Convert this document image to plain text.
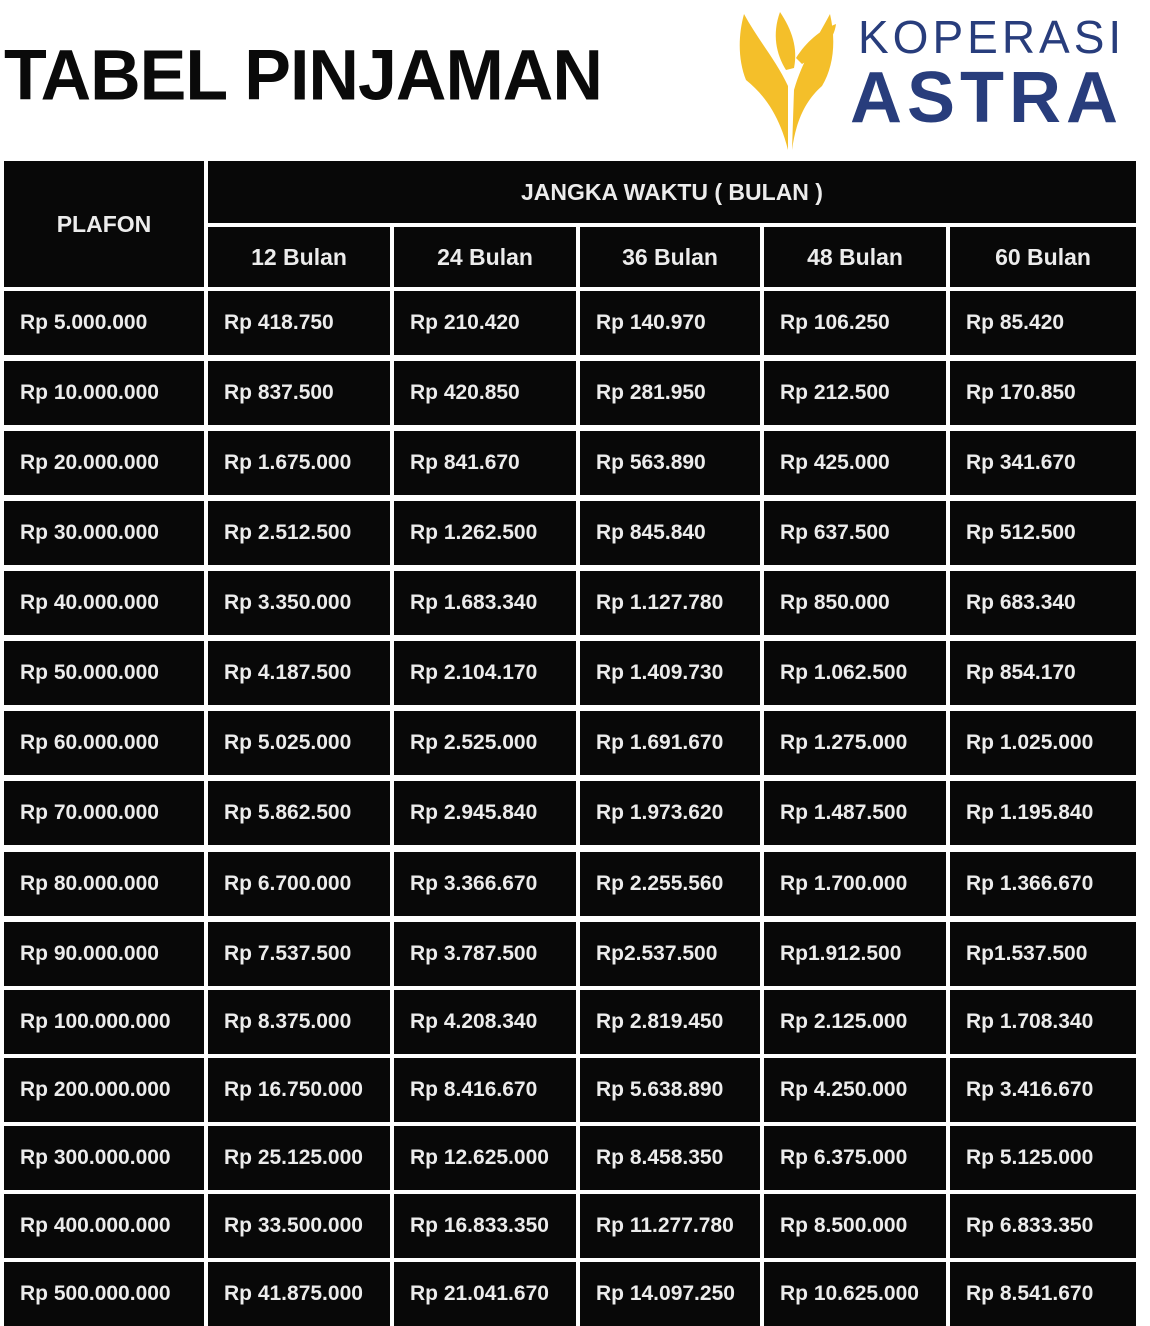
TABEL PINJAMAN	KOPERASI
ASTRA
PLAFON
JANGKA WAKTU ( BULAN )
12 Bulan	24 Bulan	36 Bulan	48 Bulan	60 Bulan
Rp 5.000.000	Rp 418.750	Rp 210.420	Rp 140.970	Rp 106.250	Rp 85.420
Rp 10.000.000	Rp 837.500	Rp 420.850	Rp 281.950	Rp 212.500	Rp 170.850
Rp 20.000.000	Rp 1.675.000	Rp 841.670	Rp 563.890	Rp 425.000	Rp 341.670
Rp 30.000.000	Rp 2.512.500	Rp 1.262.500	Rp 845.840	Rp 637.500	Rp 512.500
Rp 40.000.000	Rp 3.350.000	Rp 1.683.340	Rp 1.127.780	Rp 850.000	Rp 683.340
Rp 50.000.000	Rp 4.187.500	Rp 2.104.170	Rp 1.409.730	Rp 1.062.500	Rp 854.170
Rp 60.000.000	Rp 5.025.000	Rp 2.525.000	Rp 1.691.670	Rp 1.275.000	Rp 1.025.000
Rp 70.000.000	Rp 5.862.500	Rp 2.945.840	Rp 1.973.620	Rp 1.487.500	Rp 1.195.840
Rp 80.000.000	Rp 6.700.000	Rp 3.366.670	Rp 2.255.560	Rp 1.700.000	Rp 1.366.670
Rp 90.000.000	Rp 7.537.500	Rp 3.787.500	Rp2.537.500	Rp1.912.500	Rp1.537.500
Rp 100.000.000	Rp 8.375.000	Rp 4.208.340	Rp 2.819.450	Rp 2.125.000	Rp 1.708.340
Rp 200.000.000	Rp 16.750.000	Rp 8.416.670	Rp 5.638.890	Rp 4.250.000	Rp 3.416.670
Rp 300.000.000	Rp 25.125.000	Rp 12.625.000	Rp 8.458.350	Rp 6.375.000	Rp 5.125.000
Rp 400.000.000	Rp 33.500.000	Rp 16.833.350	Rp 11.277.780	Rp 8.500.000	Rp 6.833.350
Rp 500.000.000	Rp 41.875.000	Rp 21.041.670	Rp 14.097.250	Rp 10.625.000	Rp 8.541.670
